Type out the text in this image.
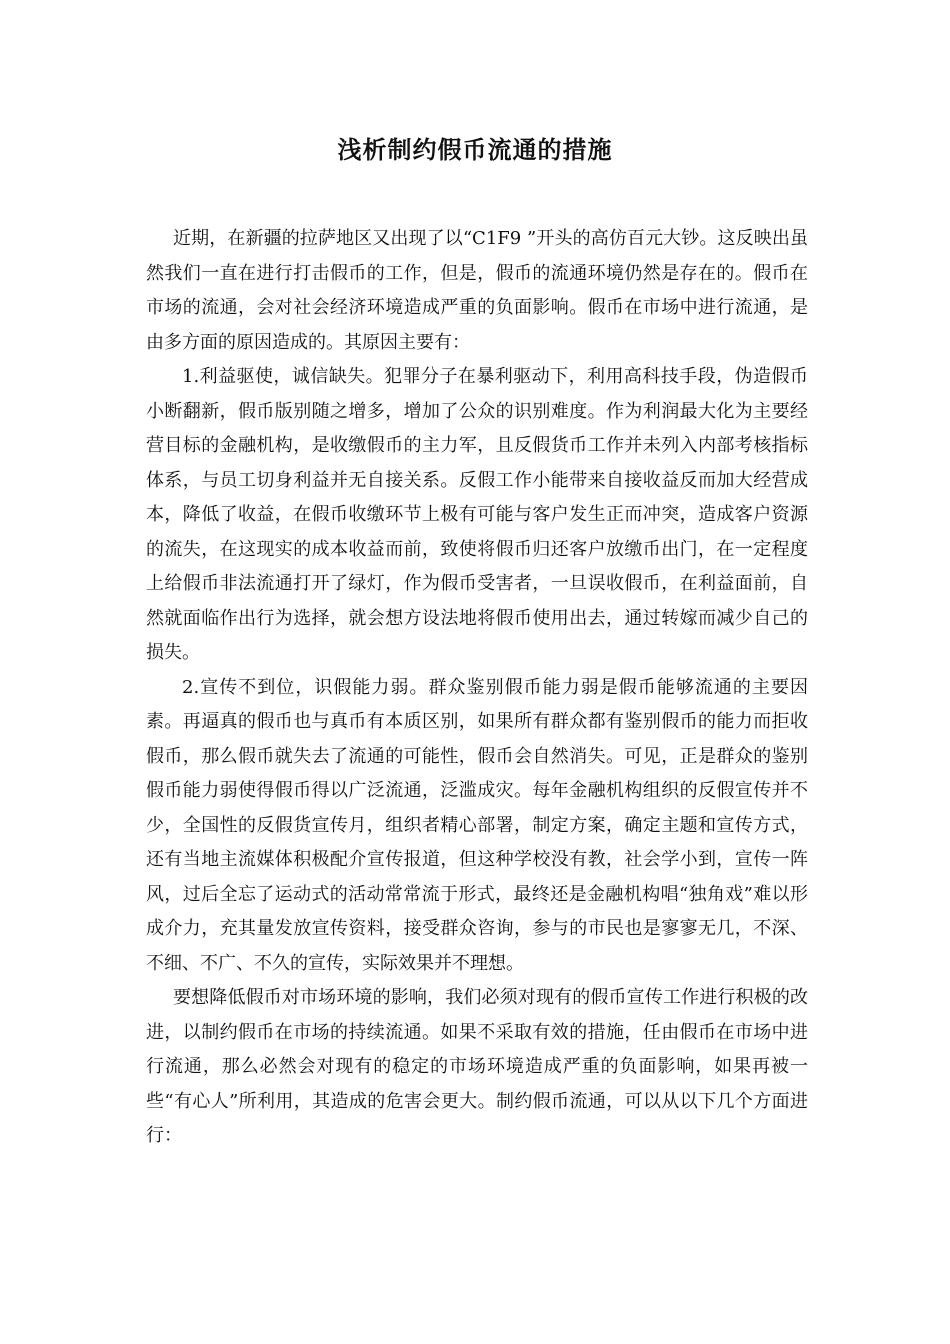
浅析制约假币流通的措施

近期，在新疆的拉萨地区又出现了以“C1F9 ”开头的高仿百元大钞。这反映出虽然我们一直在进行打击假币的工作，但是，假币的流通环境仍然是存在的。假币在市场的流通，会对社会经济环境造成严重的负面影响。假币在市场中进行流通，是由多方面的原因造成的。其原因主要有：

1.利益驱使，诚信缺失。犯罪分子在暴利驱动下，利用高科技手段，伪造假币小断翻新，假币版别随之增多，增加了公众的识别难度。作为利润最大化为主要经营目标的金融机构，是收缴假币的主力军，且反假货币工作并未列入内部考核指标体系，与员工切身利益并无自接关系。反假工作小能带来自接收益反而加大经营成本，降低了收益，在假币收缴环节上极有可能与客户发生正而冲突，造成客户资源的流失，在这现实的成本收益而前，致使将假币归还客户放缴币出门，在一定程度上给假币非法流通打开了绿灯，作为假币受害者，一旦误收假币，在利益面前，自然就面临作出行为选择，就会想方设法地将假币使用出去，通过转嫁而减少自己的损失。

2.宣传不到位，识假能力弱。群众鉴别假币能力弱是假币能够流通的主要因素。再逼真的假币也与真币有本质区别，如果所有群众都有鉴别假币的能力而拒收假币，那么假币就失去了流通的可能性，假币会自然消失。可见，正是群众的鉴别假币能力弱使得假币得以广泛流通，泛滥成灾。每年金融机构组织的反假宣传并不少，全国性的反假货宣传月，组织者精心部署，制定方案，确定主题和宣传方式，还有当地主流媒体积极配介宣传报道，但这种学校没有教，社会学小到，宣传一阵风，过后全忘了运动式的活动常常流于形式，最终还是金融机构唱“独角戏”难以形成介力，充其量发放宣传资料，接受群众咨询，参与的市民也是寥寥无几，不深、不细、不广、不久的宣传，实际效果并不理想。

要想降低假币对市场环境的影响，我们必须对现有的假币宣传工作进行积极的改进，以制约假币在市场的持续流通。如果不采取有效的措施，任由假币在市场中进行流通，那么必然会对现有的稳定的市场环境造成严重的负面影响，如果再被一些“有心人”所利用，其造成的危害会更大。制约假币流通，可以从以下几个方面进行：
